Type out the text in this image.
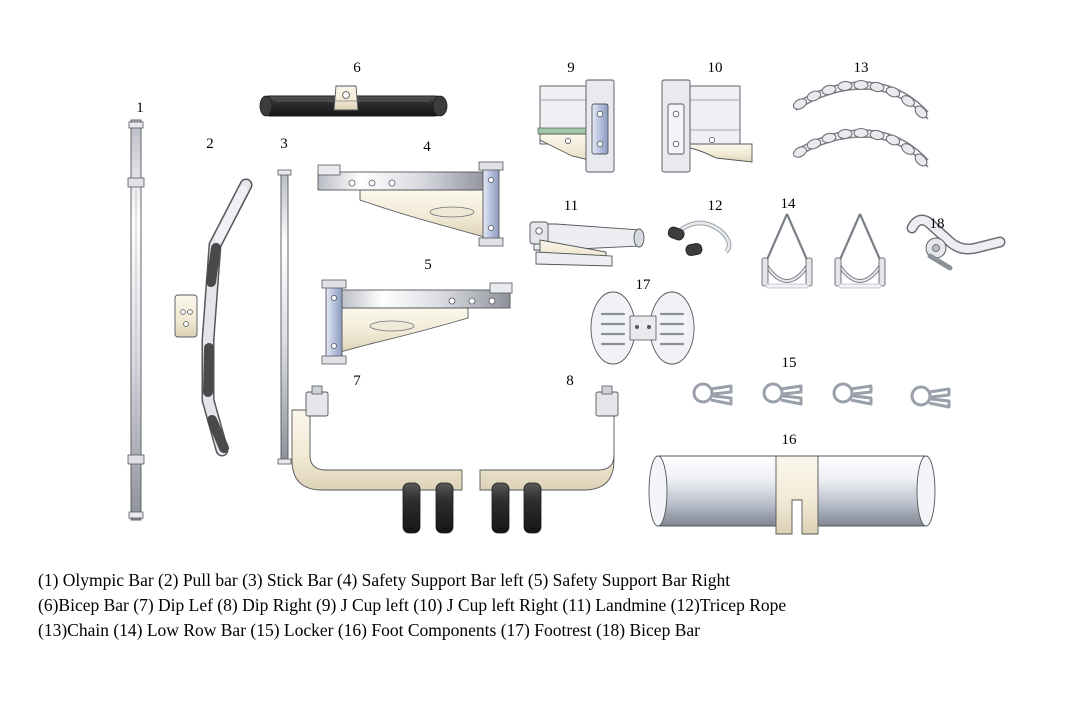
1
2	3	4
5
6
7	8
9	10
11	12
13
14
15
16
17
18
(1) Olympic Bar (2) Pull bar (3) Stick Bar (4) Safety Support Bar left (5) Safety Support Bar Right
(6)Bicep Bar (7) Dip Lef (8) Dip Right (9) J Cup left (10) J Cup left Right (11) Landmine (12)Tricep Rope
(13)Chain (14) Low Row Bar (15) Locker (16) Foot Components (17) Footrest (18) Bicep Bar
